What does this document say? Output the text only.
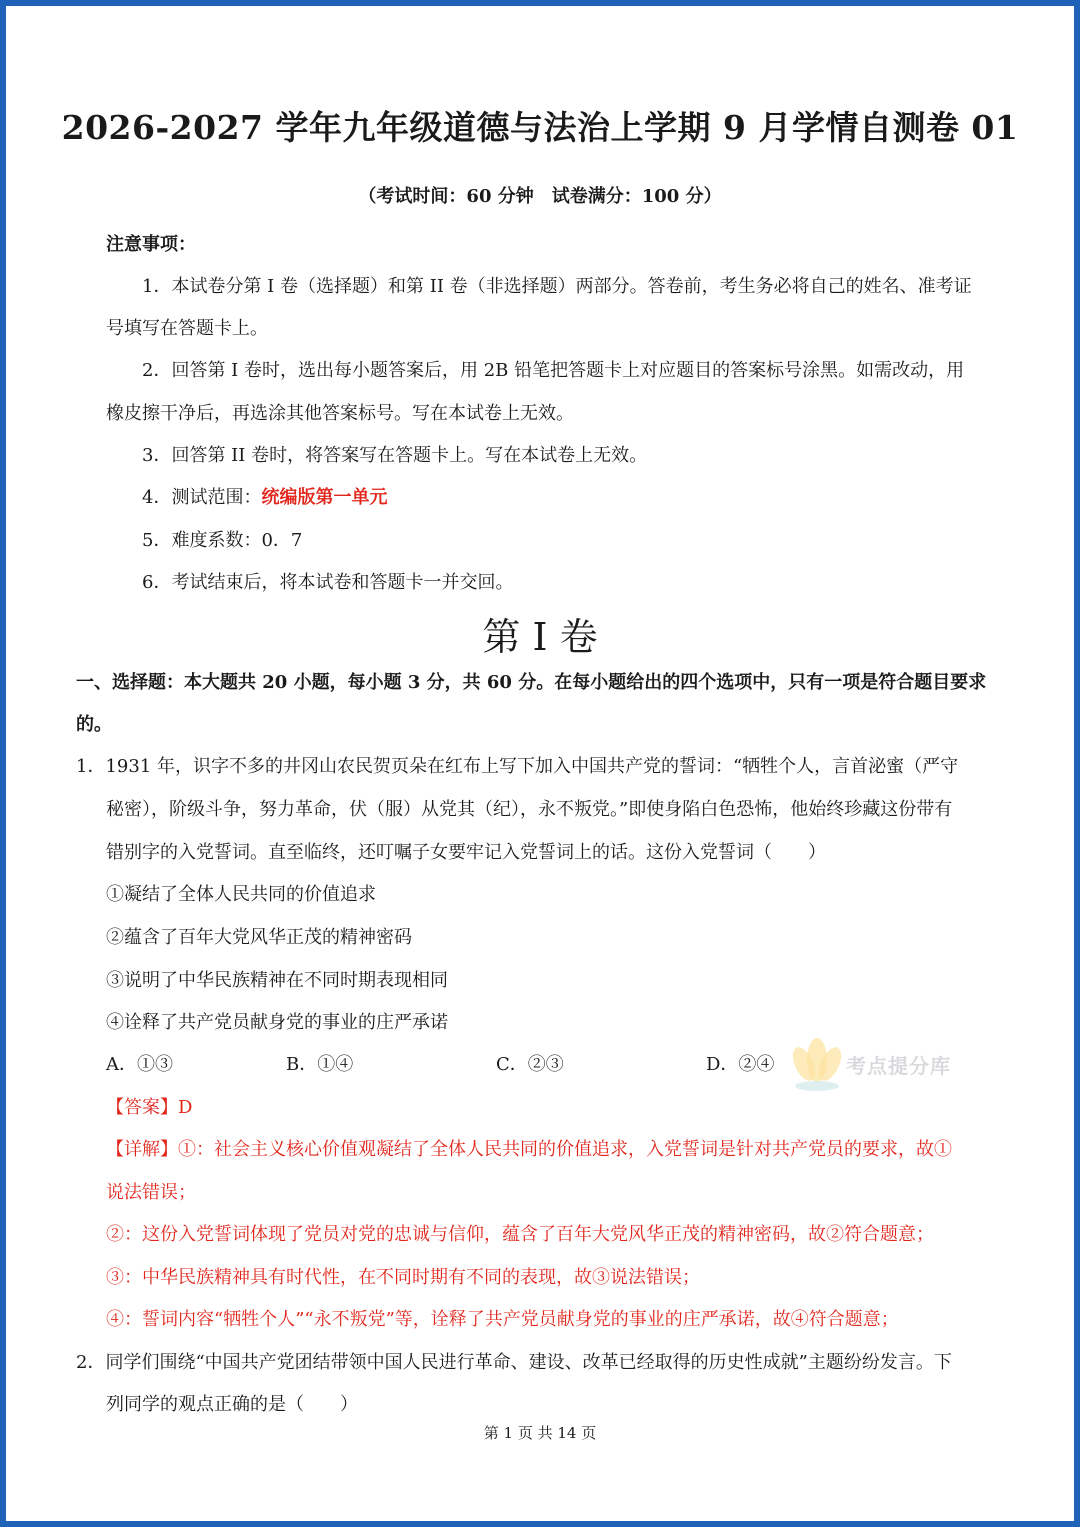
2026-2027 学年九年级道德与法治上学期 9 月学情自测卷 01
（考试时间：60 分钟　试卷满分：100 分）
注意事项：
1．本试卷分第 I 卷（选择题）和第 II 卷（非选择题）两部分。答卷前，考生务必将自己的姓名、准考证
号填写在答题卡上。
2．回答第 I 卷时，选出每小题答案后，用 2B 铅笔把答题卡上对应题目的答案标号涂黑。如需改动，用
橡皮擦干净后，再选涂其他答案标号。写在本试卷上无效。
3．回答第 II 卷时，将答案写在答题卡上。写在本试卷上无效。
4．测试范围：统编版第一单元
5．难度系数：0．7
6．考试结束后，将本试卷和答题卡一并交回。
第 I 卷
一、选择题：本大题共 20 小题，每小题 3 分，共 60 分。在每小题给出的四个选项中，只有一项是符合题目要求
的。
1．1931 年，识字不多的井冈山农民贺页朵在红布上写下加入中国共产党的誓词：“牺牲个人，言首泌蜜（严守
秘密），阶级斗争，努力革命，伏（服）从党其（纪），永不叛党。”即使身陷白色恐怖，他始终珍藏这份带有
错别字的入党誓词。直至临终，还叮嘱子女要牢记入党誓词上的话。这份入党誓词（　　）
①凝结了全体人民共同的价值追求
②蕴含了百年大党风华正茂的精神密码
③说明了中华民族精神在不同时期表现相同
④诠释了共产党员献身党的事业的庄严承诺
A．①③	B．①④	C．②③	D．②④	考点提分库
【答案】D
【详解】①：社会主义核心价值观凝结了全体人民共同的价值追求，入党誓词是针对共产党员的要求，故①
说法错误；
②：这份入党誓词体现了党员对党的忠诚与信仰，蕴含了百年大党风华正茂的精神密码，故②符合题意；
③：中华民族精神具有时代性，在不同时期有不同的表现，故③说法错误；
④：誓词内容“牺牲个人”“永不叛党”等，诠释了共产党员献身党的事业的庄严承诺，故④符合题意；
2．同学们围绕“中国共产党团结带领中国人民进行革命、建设、改革已经取得的历史性成就”主题纷纷发言。下
列同学的观点正确的是（　　）
第 1 页 共 14 页
